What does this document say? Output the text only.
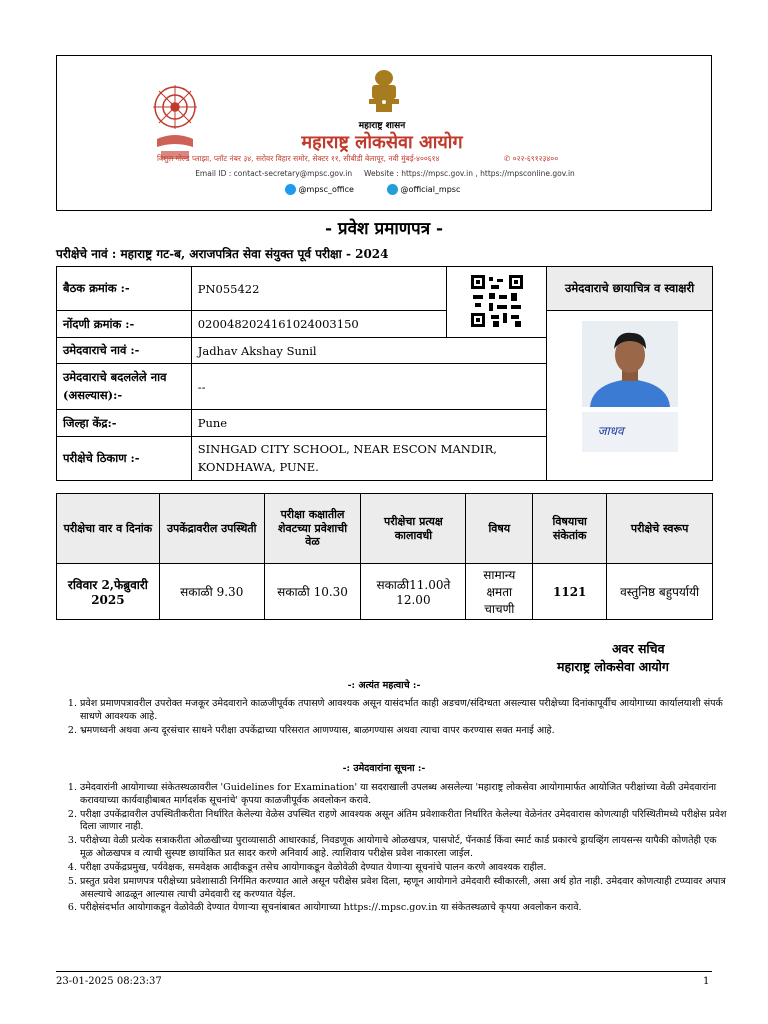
महाराष्ट्र शासन
महाराष्ट्र लोकसेवा आयोग
विशुल गोल्ड प्लाझा, प्लॉट नंबर ३४, सरोवर विहार समोर, सेक्टर ११, सीबीडी बेलापूर, नवी मुंबई-४००६१४	✆ ०२२-६९१२३४००
Email ID : contact-secretary@mpsc.gov.in     Website : https://mpsc.gov.in , https://mpsconline.gov.in
@mpsc_office	@official_mpsc
- प्रवेश प्रमाणपत्र -
परीक्षेचे नावं : महाराष्ट्र गट-ब, अराजपत्रित सेवा संयुक्त पूर्व परीक्षा - 2024
बैठक क्रमांक :-	PN055422		उमेदवाराचे छायाचित्र व स्वाक्षरी
नोंदणी क्रमांक :-	0200482024161024003150		जाधव

उमेदवाराचे नावं :-	Jadhav Akshay Sunil		
उमेदवाराचे बदललेले नाव (असल्यास):-	--		
जिल्हा केंद्र:-	Pune		
परीक्षेचे ठिकाण :-	SINHGAD CITY SCHOOL, NEAR ESCON MANDIR, KONDHAWA, PUNE.		
परीक्षेचा वार व दिनांक	उपकेंद्रावरील उपस्थिती	परीक्षा कक्षातील शेवटच्या प्रवेशाची वेळ	परीक्षेचा प्रत्यक्ष कालावधी	विषय	विषयाचा संकेतांक	परीक्षेचे स्वरूप
रविवार 2,फेब्रुवारी 2025	सकाळी 9.30	सकाळी 10.30	सकाळी11.00ते 12.00	सामान्य क्षमता चाचणी	1121	वस्तुनिष्ठ बहुपर्यायी
अवर सचिव
महाराष्ट्र लोकसेवा आयोग
-: अत्यंत महत्वाचे :-
1. प्रवेश प्रमाणपत्रावरील उपरोक्त मजकूर उमेदवाराने काळजीपूर्वक तपासणे आवश्यक असून यासंदर्भात काही अडचण/संदिग्धता असल्यास परीक्षेच्या दिनांकापूर्वीच आयोगाच्या कार्यालयाशी संपर्क साधणे आवश्यक आहे.
2. भ्रमणध्वनी अथवा अन्य दूरसंचार साधने परीक्षा उपकेंद्राच्या परिसरात आणण्यास, बाळगण्यास अथवा त्याचा वापर करण्यास सक्त मनाई आहे.
-: उमेदवारांना सूचना :-
1. उमेदवारांनी आयोगाच्या संकेतस्थळावरील 'Guidelines for Examination' या सदराखाली उपलब्ध असलेल्या 'महाराष्ट्र लोकसेवा आयोगामार्फत आयोजित परीक्षांच्या वेळी उमेदवारांना करावयाच्या कार्यवाहीबाबत मार्गदर्शक सूचनांचे' कृपया काळजीपूर्वक अवलोकन करावे.
2. परीक्षा उपकेंद्रावरील उपस्थितीकरीता निर्धारित केलेल्या वेळेस उपस्थित राहणे आवश्यक असून अंतिम प्रवेशाकरीता निर्धारित केलेल्या वेळेनंतर उमेदवारास कोणत्याही परिस्थितीमध्ये परीक्षेस प्रवेश दिला जाणार नाही.
3. परीक्षेच्या वेळी प्रत्येक सत्राकरीता ओळखीच्या पुराव्यासाठी आधारकार्ड, निवडणूक आयोगाचे ओळखपत्र, पासपोर्ट, पॅनकार्ड किंवा स्मार्ट कार्ड प्रकारचे ड्रायव्हिंग लायसन्स यापैकी कोणतेही एक मूळ ओळखपत्र व त्याची सुस्पष्ट छायांकित प्रत सादर करणे अनिवार्य आहे. त्याशिवाय परीक्षेस प्रवेश नाकारला जाईल.
4. परीक्षा उपकेंद्रप्रमुख, पर्यवेक्षक, समवेक्षक आदीकडून तसेच आयोगाकडून वेळोवेळी देण्यात येणाऱ्या सूचनांचे पालन करणे आवश्यक राहील.
5. प्रस्तुत प्रवेश प्रमाणपत्र परीक्षेच्या प्रवेशासाठी निर्गमित करण्यात आले असून परीक्षेस प्रवेश दिला, म्हणून आयोगाने उमेदवारी स्वीकारली, असा अर्थ होत नाही. उमेदवार कोणत्याही टप्प्यावर अपात्र असल्याचे आढळून आल्यास त्याची उमेदवारी रद्द करण्यात येईल.
6. परीक्षेसंदर्भात आयोगाकडून वेळोवेळी देण्यात येणाऱ्या सूचनांबाबत आयोगाच्या https://.mpsc.gov.in या संकेतस्थळाचे कृपया अवलोकन करावे.
23-01-2025 08:23:37	1
